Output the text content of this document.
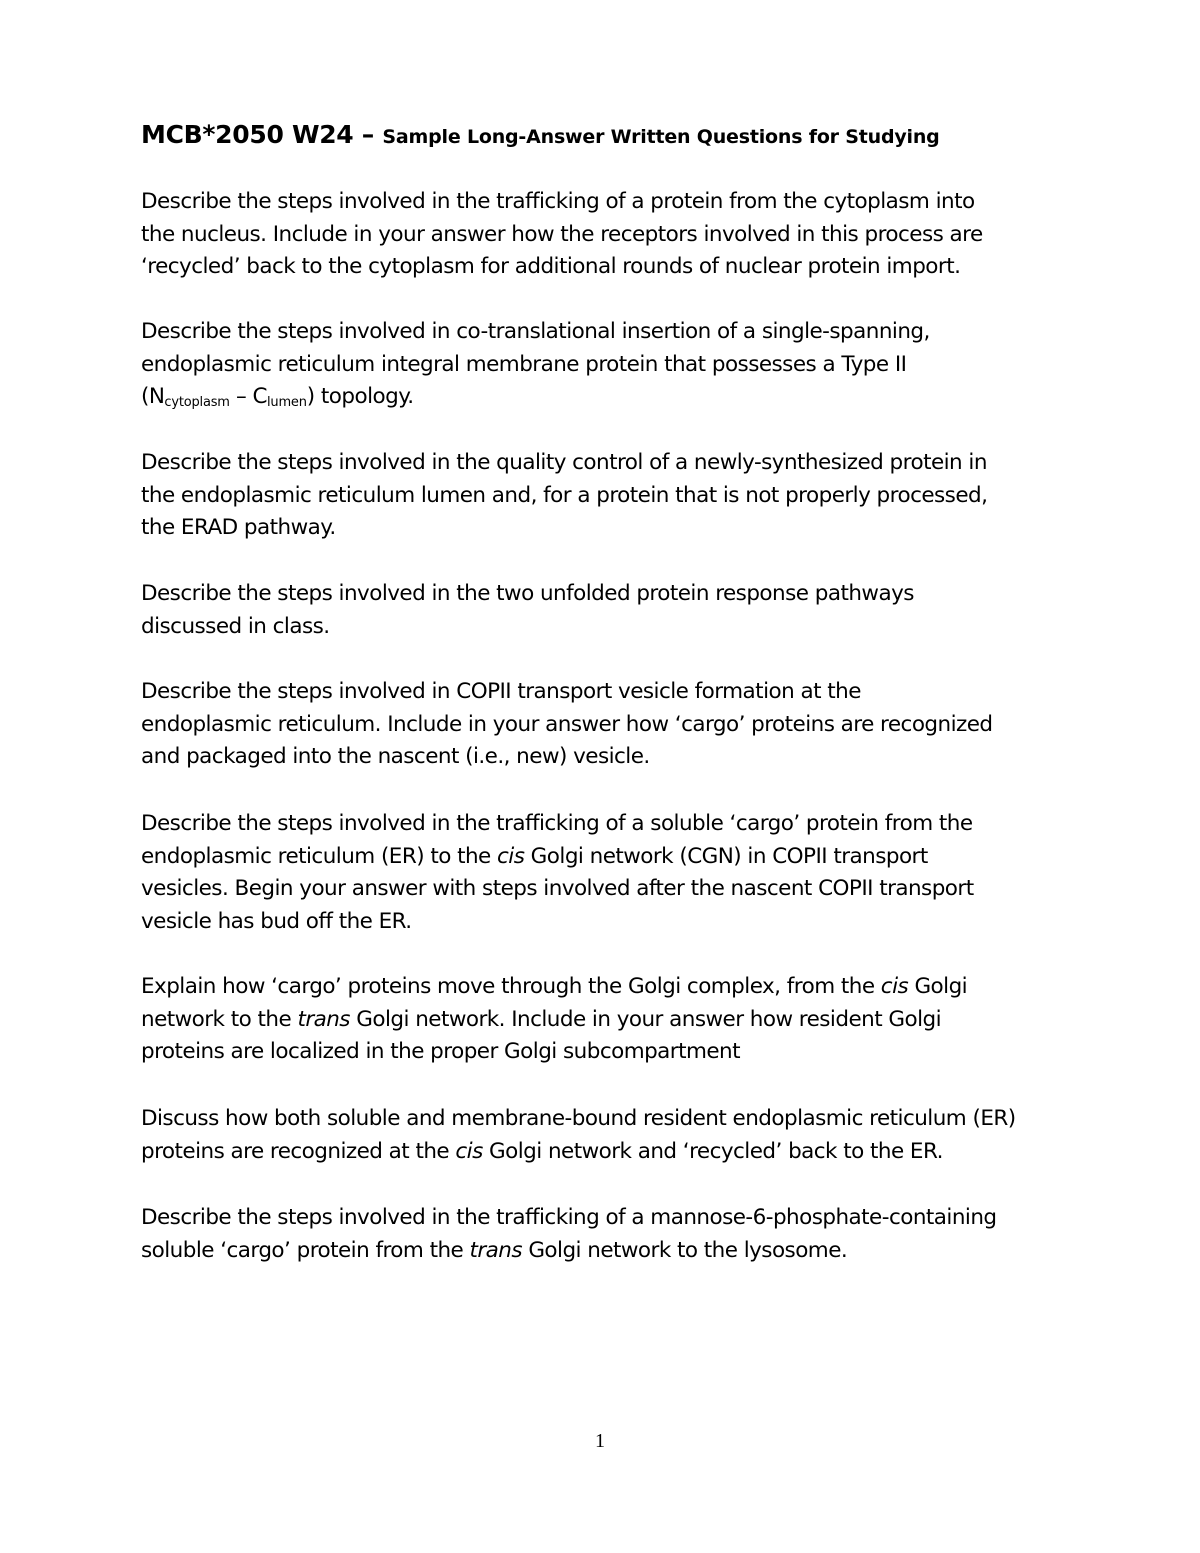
MCB*2050 W24 – Sample Long-Answer Written Questions for Studying

Describe the steps involved in the trafficking of a protein from the cytoplasm into
the nucleus. Include in your answer how the receptors involved in this process are
‘recycled’ back to the cytoplasm for additional rounds of nuclear protein import.

Describe the steps involved in co-translational insertion of a single-spanning,
endoplasmic reticulum integral membrane protein that possesses a Type II
$(N_{cytoplasm} - C_{lumen})$ topology.

Describe the steps involved in the quality control of a newly-synthesized protein in
the endoplasmic reticulum lumen and, for a protein that is not properly processed,
the ERAD pathway.

Describe the steps involved in the two unfolded protein response pathways
discussed in class.

Describe the steps involved in COPII transport vesicle formation at the
endoplasmic reticulum. Include in your answer how ‘cargo’ proteins are recognized
and packaged into the nascent (i.e., new) vesicle.

Describe the steps involved in the trafficking of a soluble ‘cargo’ protein from the
endoplasmic reticulum (ER) to the cis Golgi network (CGN) in COPII transport
vesicles. Begin your answer with steps involved after the nascent COPII transport
vesicle has bud off the ER.

Explain how ‘cargo’ proteins move through the Golgi complex, from the cis Golgi
network to the trans Golgi network. Include in your answer how resident Golgi
proteins are localized in the proper Golgi subcompartment

Discuss how both soluble and membrane-bound resident endoplasmic reticulum (ER)
proteins are recognized at the cis Golgi network and ‘recycled’ back to the ER.

Describe the steps involved in the trafficking of a mannose-6-phosphate-containing
soluble ‘cargo’ protein from the trans Golgi network to the lysosome.

1
